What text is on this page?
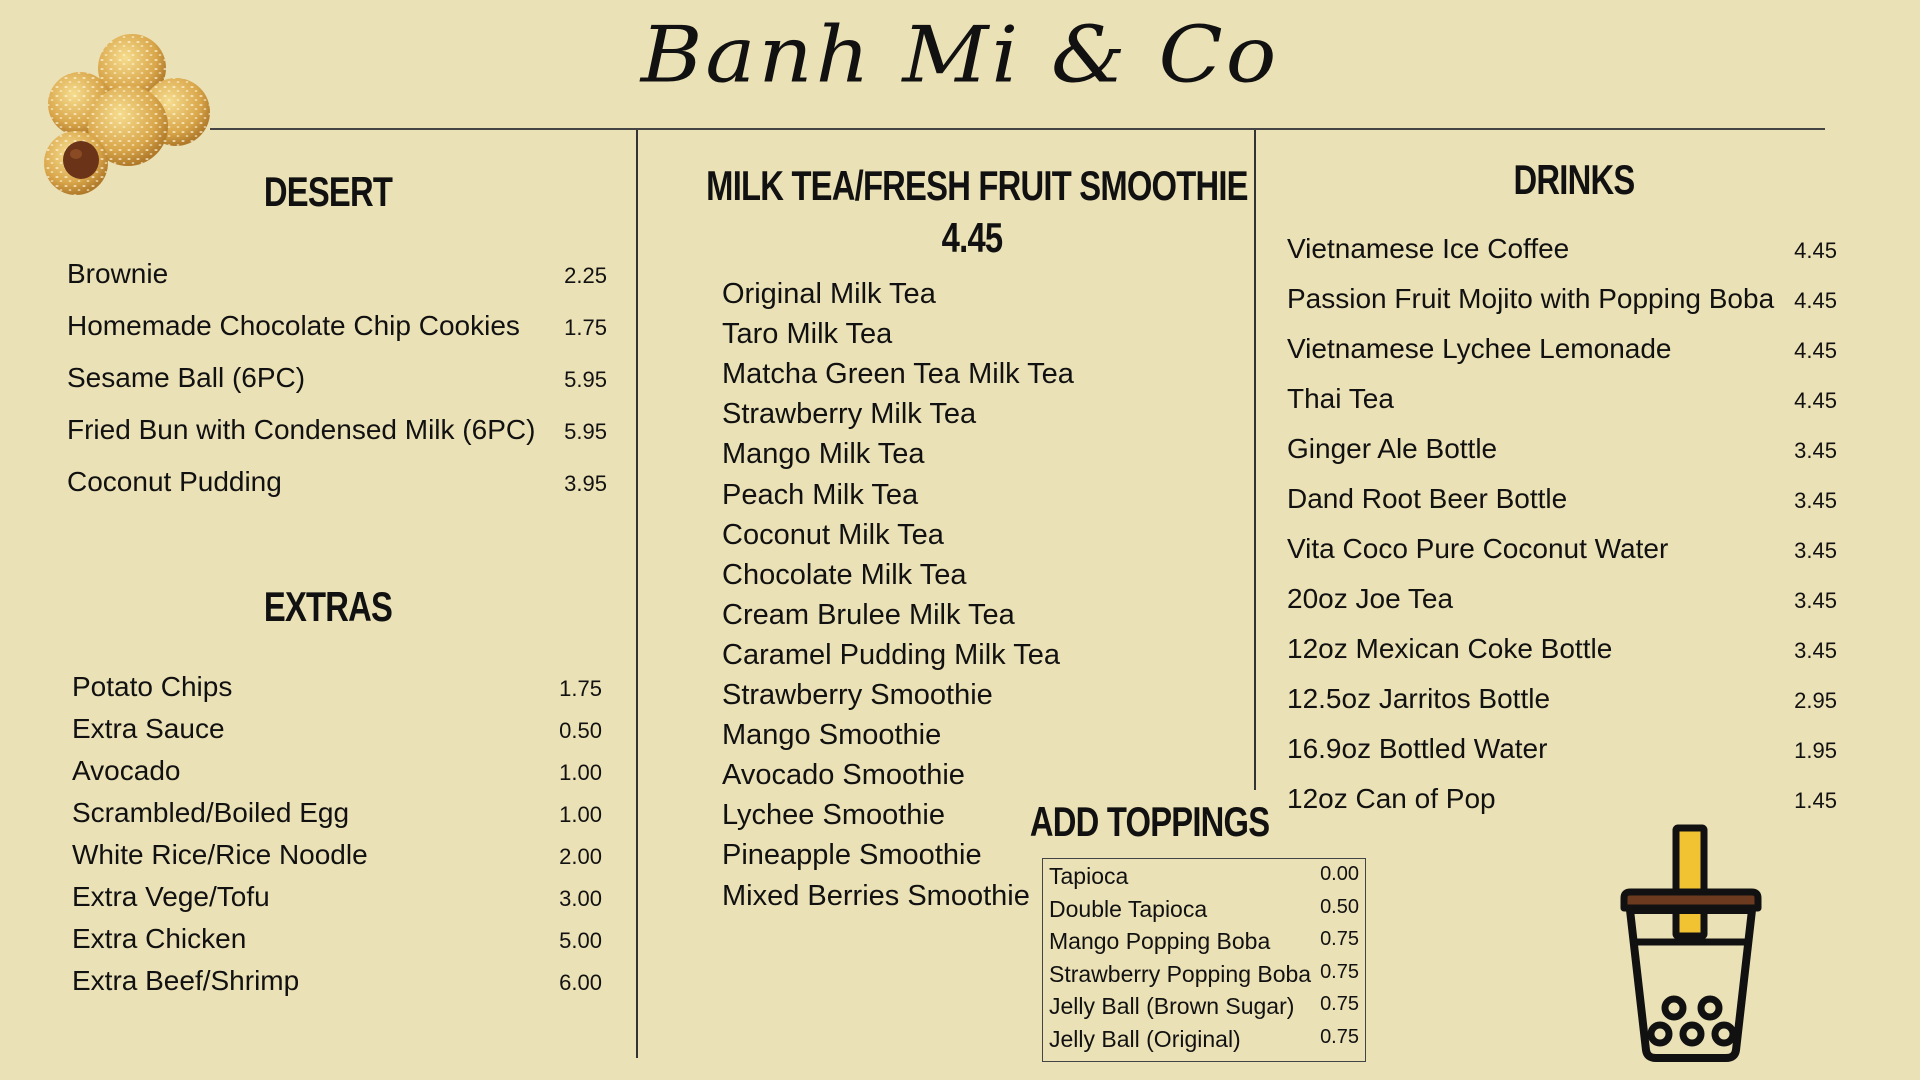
Banh Mi & Co
DESERT
Brownie	2.25
Homemade Chocolate Chip Cookies 1.75
Sesame Ball (6PC)	5.95
Fried Bun with Condensed Milk (6PC) 5.95
Coconut Pudding	3.95
EXTRAS
Potato Chips	1.75
Extra Sauce	0.50
Avocado	1.00
Scrambled/Boiled Egg	1.00
White Rice/Rice Noodle	2.00
Extra Vege/Tofu	3.00
Extra Chicken	5.00
Extra Beef/Shrimp	6.00
MILK TEA/FRESH FRUIT SMOOTHIE
4.45
Original Milk Tea
Taro Milk Tea
Matcha Green Tea Milk Tea
Strawberry Milk Tea
Mango Milk Tea
Peach Milk Tea
Coconut Milk Tea
Chocolate Milk Tea
Cream Brulee Milk Tea
Caramel Pudding Milk Tea
Strawberry Smoothie
Mango Smoothie
Avocado Smoothie
Lychee Smoothie
Pineapple Smoothie
Mixed Berries Smoothie
ADD TOPPINGS
Tapioca	0.00
Double Tapioca	0.50
Mango Popping Boba 0.75
Strawberry Popping Boba 0.75
Jelly Ball (Brown Sugar) 0.75
Jelly Ball (Original)	0.75
DRINKS
Vietnamese Ice Coffee	4.45
Passion Fruit Mojito with Popping Boba 4.45
Vietnamese Lychee Lemonade	4.45
Thai Tea	4.45
Ginger Ale Bottle	3.45
Dand Root Beer Bottle	3.45
Vita Coco Pure Coconut Water	3.45
20oz Joe Tea	3.45
12oz Mexican Coke Bottle	3.45
12.5oz Jarritos Bottle	2.95
16.9oz Bottled Water	1.95
12oz Can of Pop	1.45
